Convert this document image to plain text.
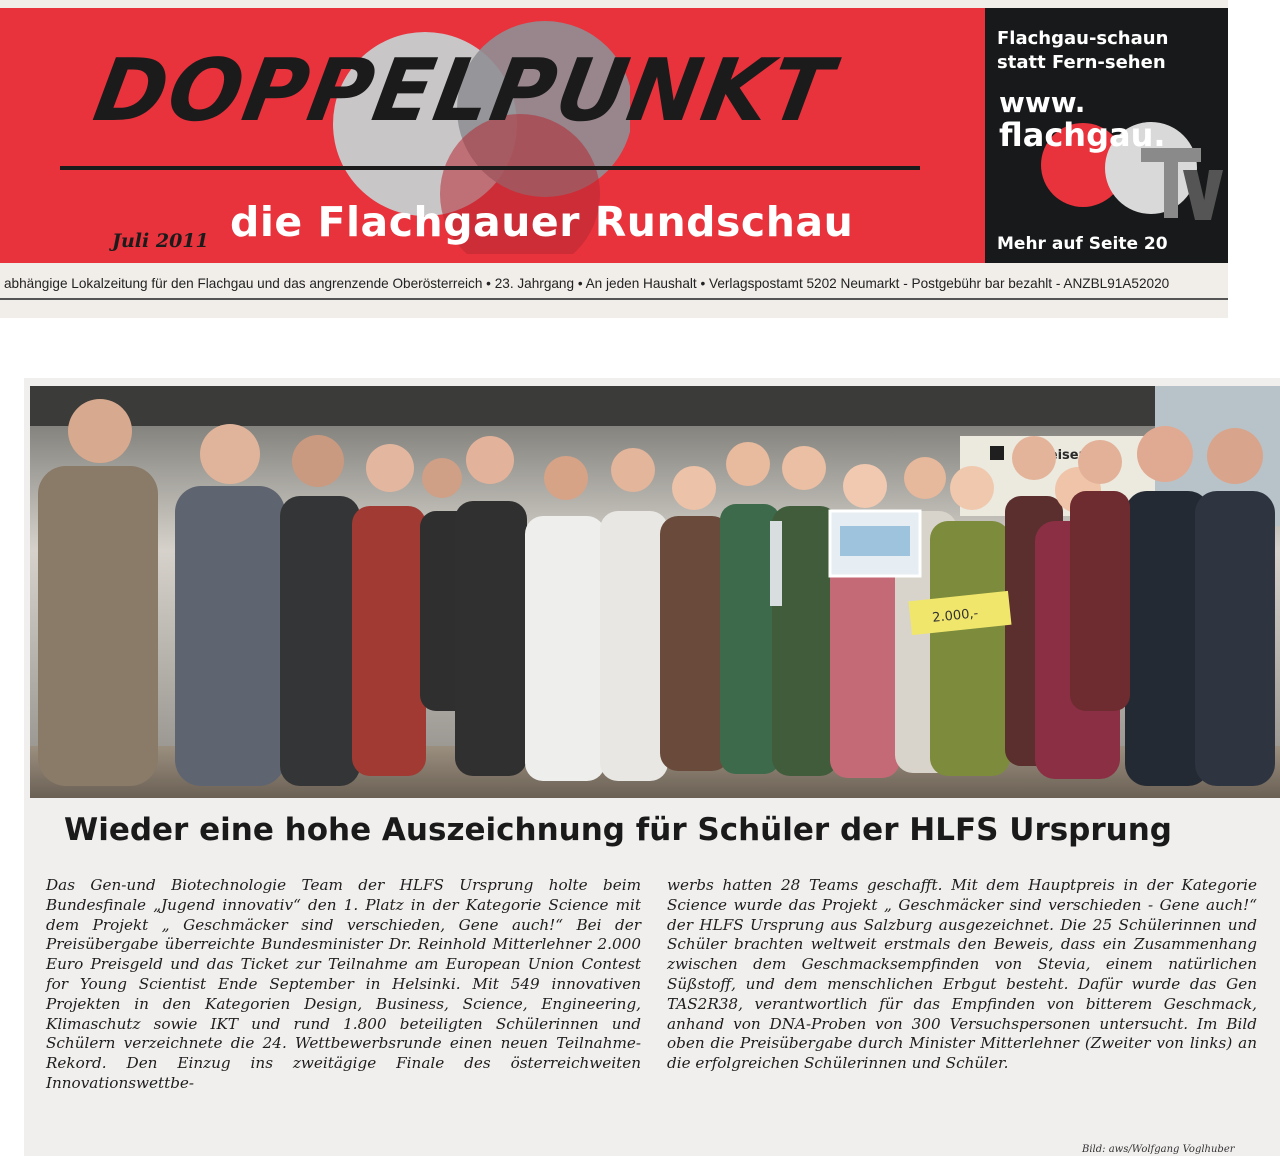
DOPPELPUNKT
Juli 2011 die Flachgauer Rundschau
Flachgau-schaun
statt Fern-sehen
www.
flachgau.
Mehr auf Seite 20
abhängige Lokalzeitung für den Flachgau und das angrenzende Oberösterreich • 23. Jahrgang • An jeden Haushalt • Verlagspostamt 5202 Neumarkt - Postgebühr bar bezahlt - ANZBL91A52020
2.000,-
Wieder eine hohe Auszeichnung für Schüler der HLFS Ursprung

Das Gen-und Biotechnologie Team der HLFS Ursprung holte beim Bundesfinale „Jugend innovativ“ den 1. Platz in der Kategorie Science mit dem Projekt „ Geschmäcker sind verschieden, Gene auch!“ Bei der Preisübergabe überreichte Bundesminister Dr. Reinhold Mitterlehner 2.000 Euro Preisgeld und das Ticket zur Teilnahme am European Union Contest for Young Scientist Ende September in Helsinki. Mit 549 innovativen Projekten in den Kategorien Design, Business, Science, Engineering, Klimaschutz sowie IKT und rund 1.800 beteiligten Schülerinnen und Schülern verzeichnete die 24. Wettbewerbsrunde einen neuen Teilnahme-Rekord. Den Einzug ins zweitägige Finale des österreichweiten Innovationswettbe-

werbs hatten 28 Teams geschafft. Mit dem Hauptpreis in der Kategorie Science wurde das Projekt „ Geschmäcker sind verschieden - Gene auch!“ der HLFS Ursprung aus Salzburg ausgezeichnet. Die 25 Schülerinnen und Schüler brachten weltweit erstmals den Beweis, dass ein Zusammenhang zwischen dem Geschmacksempfinden von Stevia, einem natürlichen Süßstoff, und dem menschlichen Erbgut besteht. Dafür wurde das Gen TAS2R38, verantwortlich für das Empfinden von bitterem Geschmack, anhand von DNA-Proben von 300 Versuchspersonen untersucht. Im Bild oben die Preisübergabe durch Minister Mitterlehner (Zweiter von links) an die erfolgreichen Schülerinnen und Schüler.

Bild: aws/Wolfgang Voglhuber
